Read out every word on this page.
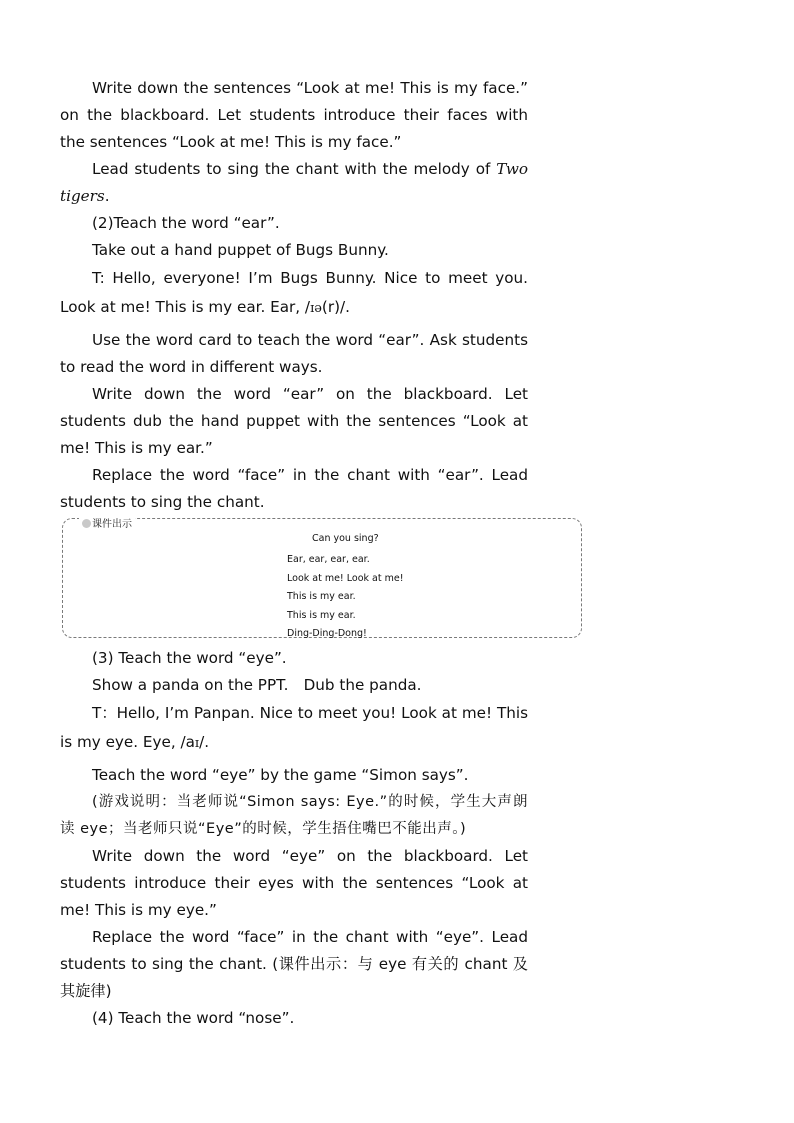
Write down the sentences “Look at me! This is my face.” on the blackboard. Let students introduce their faces with the sentences “Look at me! This is my face.”

Lead students to sing the chant with the melody of Two tigers.

(2)Teach the word “ear”.

Take out a hand puppet of Bugs Bunny.

T: Hello, everyone! I’m Bugs Bunny. Nice to meet you. Look at me! This is my ear. Ear, /ɪə(r)/.

Use the word card to teach the word “ear”. Ask students to read the word in different ways.

Write down the word “ear” on the blackboard. Let students dub the hand puppet with the sentences “Look at me! This is my ear.”

Replace the word “face” in the chant with “ear”. Lead students to sing the chant.

课件出示
Can you sing?
Ear, ear, ear, ear.
Look at me! Look at me!
This is my ear.
This is my ear.
Ding-Ding-Dong!

(3) Teach the word “eye”.

Show a panda on the PPT.　Dub the panda.

T：Hello, I’m Panpan. Nice to meet you! Look at me! This is my eye. Eye, /aɪ/.

Teach the word “eye” by the game “Simon says”.

(游戏说明：当老师说“Simon says: Eye.”的时候，学生大声朗读 eye；当老师只说“Eye”的时候，学生捂住嘴巴不能出声。)

Write down the word “eye” on the blackboard. Let students introduce their eyes with the sentences “Look at me! This is my eye.”

Replace the word “face” in the chant with “eye”. Lead students to sing the chant. (课件出示：与 eye 有关的 chant 及其旋律)

(4) Teach the word “nose”.
